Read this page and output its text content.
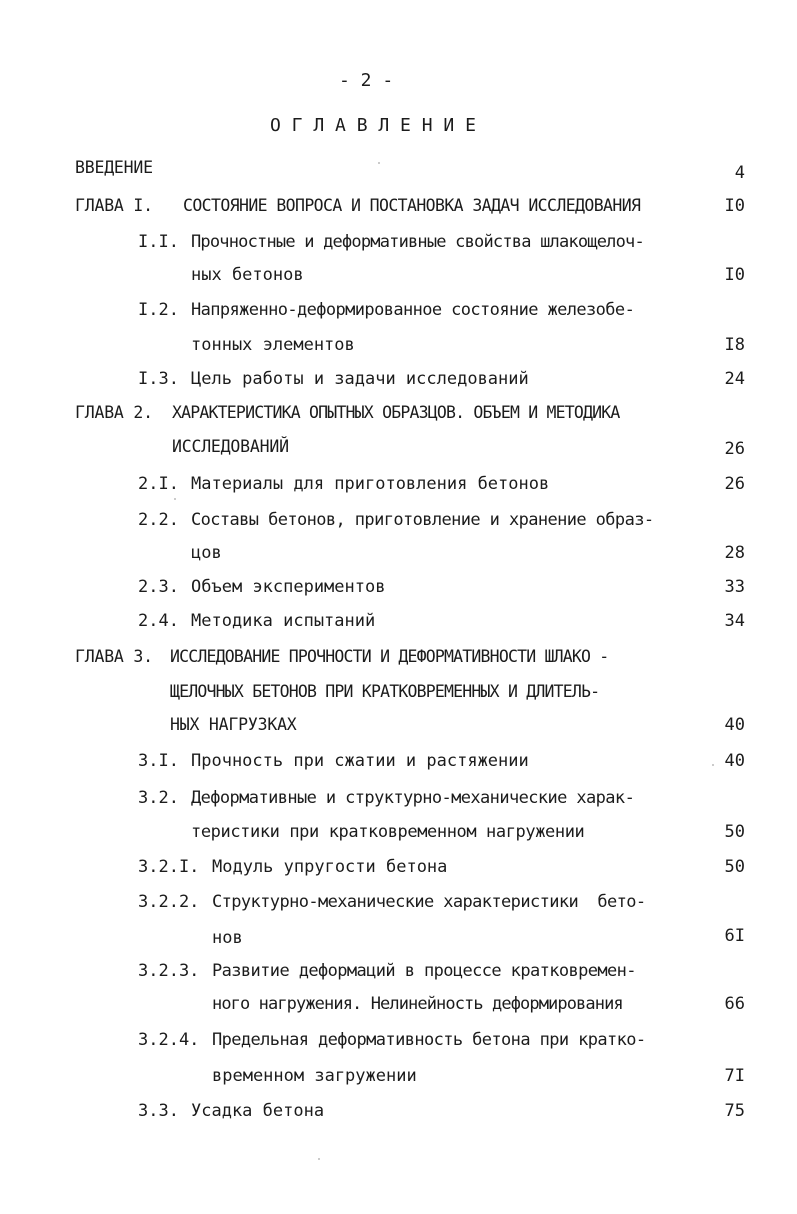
- 2 -
О Г Л А В Л Е Н И Е
ВВЕДЕНИЕ	4
ГЛАВА I. СОСТОЯНИЕ ВОПРОСА И ПОСТАНОВКА ЗАДАЧ ИССЛЕДОВАНИЯ	I0
I.I. Прочностные и деформативные свойства шлакощелоч-
ных бетонов	I0
I.2. Напряженно-деформированное состояние железобе-
тонных элементов	I8
I.3. Цель работы и задачи исследований	24
ГЛАВА 2. ХАРАКТЕРИСТИКА ОПЫТНЫХ ОБРАЗЦОВ. ОБЪЕМ И МЕТОДИКА
ИССЛЕДОВАНИЙ	26
2.I. Материалы для приготовления бетонов	26
2.2. Составы бетонов, приготовление и хранение образ-
цов	28
2.3. Объем экспериментов	33
2.4. Методика испытаний	34
ГЛАВА 3. ИССЛЕДОВАНИЕ ПРОЧНОСТИ И ДЕФОРМАТИВНОСТИ ШЛАКО -
ЩЕЛОЧНЫХ БЕТОНОВ ПРИ КРАТКОВРЕМЕННЫХ И ДЛИТЕЛЬ-
НЫХ НАГРУЗКАХ	40
3.I. Прочность при сжатии и растяжении	40
3.2. Деформативные и структурно-механические харак-
теристики при кратковременном нагружении	50
3.2.I. Модуль упругости бетона	50
3.2.2. Структурно-механические характеристики  бето-
нов	6I
3.2.3. Развитие деформаций в процессе кратковремен-
ного нагружения. Нелинейность деформирования	66
3.2.4. Предельная деформативность бетона при кратко-
временном загружении	7I
3.3. Усадка бетона	75
